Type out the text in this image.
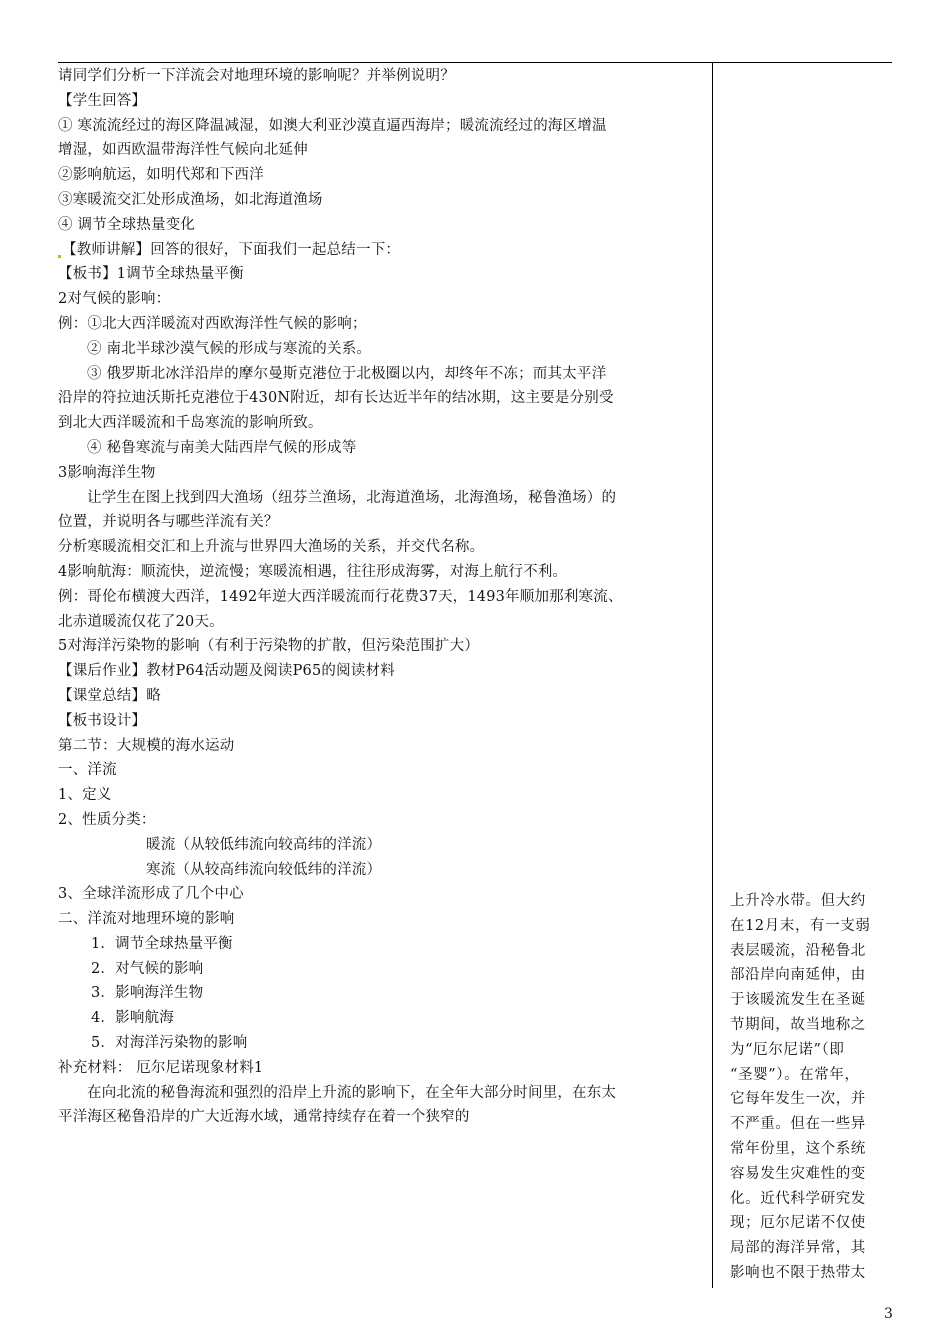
请同学们分析一下洋流会对地理环境的影响呢？并举例说明？
【学生回答】
① 寒流流经过的海区降温减湿，如澳大利亚沙漠直逼西海岸；暖流流经过的海区增温
增湿，如西欧温带海洋性气候向北延伸
②影响航运，如明代郑和下西洋
③寒暖流交汇处形成渔场，如北海道渔场
④ 调节全球热量变化
【教师讲解】回答的很好，下面我们一起总结一下：
【板书】1调节全球热量平衡
2对气候的影响：
例：①北大西洋暖流对西欧海洋性气候的影响；
② 南北半球沙漠气候的形成与寒流的关系。
③ 俄罗斯北冰洋沿岸的摩尔曼斯克港位于北极圈以内，却终年不冻；而其太平洋
沿岸的符拉迪沃斯托克港位于430N附近，却有长达近半年的结冰期，这主要是分别受
到北大西洋暖流和千岛寒流的影响所致。
④ 秘鲁寒流与南美大陆西岸气候的形成等
3影响海洋生物
让学生在图上找到四大渔场（纽芬兰渔场，北海道渔场，北海渔场，秘鲁渔场）的
位置，并说明各与哪些洋流有关？
分析寒暖流相交汇和上升流与世界四大渔场的关系，并交代名称。
4影响航海：顺流快，逆流慢；寒暖流相遇，往往形成海雾，对海上航行不利。
例：哥伦布横渡大西洋，1492年逆大西洋暖流而行花费37天，1493年顺加那利寒流、
北赤道暖流仅花了20天。
5对海洋污染物的影响（有利于污染物的扩散，但污染范围扩大）
【课后作业】教材P64活动题及阅读P65的阅读材料
【课堂总结】略
【板书设计】
第二节：大规模的海水运动
一、洋流
1、定义
2、性质分类：
暖流（从较低纬流向较高纬的洋流）
寒流（从较高纬流向较低纬的洋流）
3、全球洋流形成了几个中心
二、洋流对地理环境的影响
1．调节全球热量平衡
2．对气候的影响
3．影响海洋生物
4．影响航海
5．对海洋污染物的影响
补充材料： 厄尔尼诺现象材料1
在向北流的秘鲁海流和强烈的沿岸上升流的影响下，在全年大部分时间里，在东太
平洋海区秘鲁沿岸的广大近海水域，通常持续存在着一个狭窄的
上升冷水带。但大约
在12月末，有一支弱
表层暖流，沿秘鲁北
部沿岸向南延伸，由
于该暖流发生在圣诞
节期间，故当地称之
为“厄尔尼诺”（即
“圣婴”）。在常年，
它每年发生一次，并
不严重。但在一些异
常年份里，这个系统
容易发生灾难性的变
化。近代科学研究发
现；厄尔尼诺不仅使
局部的海洋异常，其
影响也不限于热带太
3
